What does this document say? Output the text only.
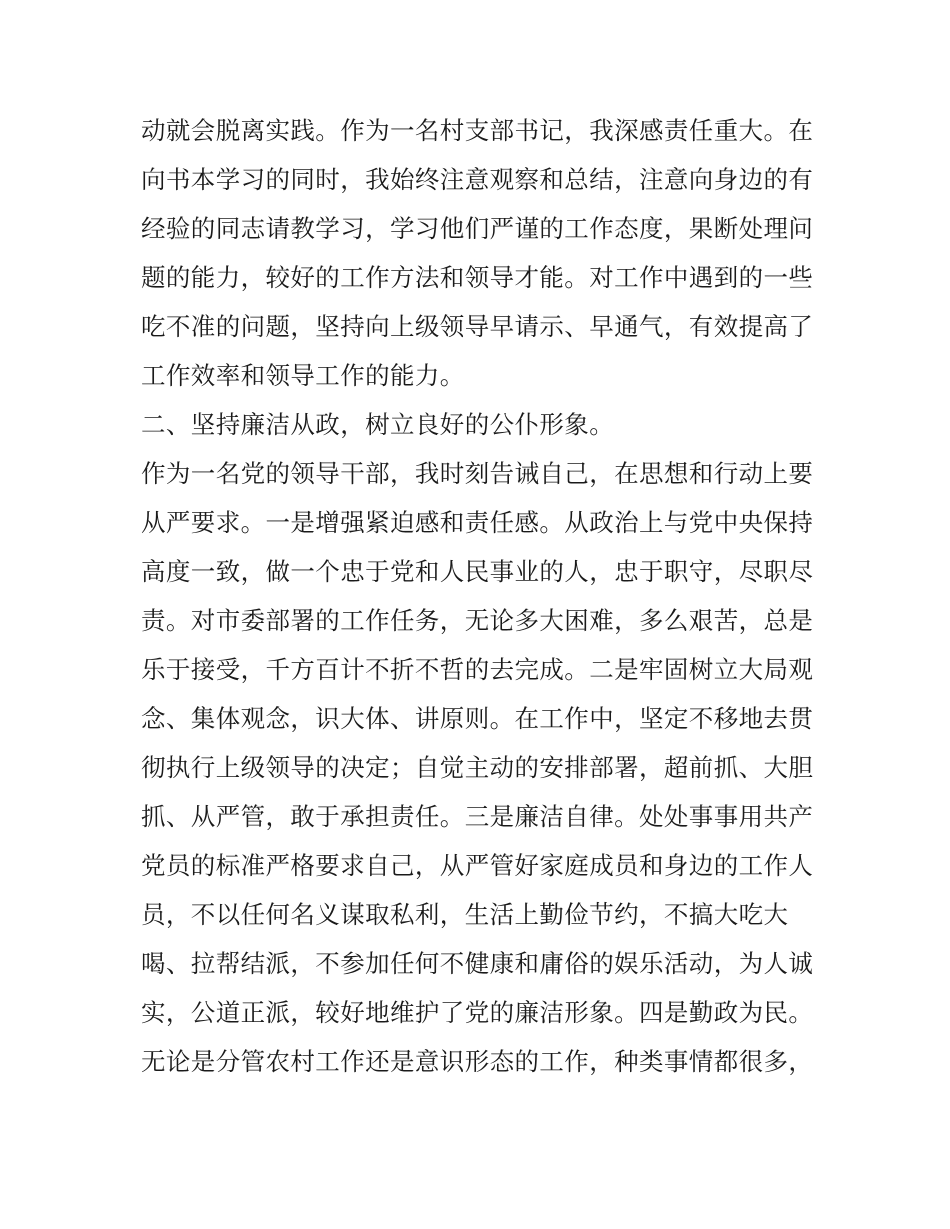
动就会脱离实践。作为一名村支部书记，我深感责任重大。在
向书本学习的同时，我始终注意观察和总结，注意向身边的有
经验的同志请教学习，学习他们严谨的工作态度，果断处理问
题的能力，较好的工作方法和领导才能。对工作中遇到的一些
吃不准的问题，坚持向上级领导早请示、早通气，有效提高了
工作效率和领导工作的能力。
二、坚持廉洁从政，树立良好的公仆形象。
作为一名党的领导干部，我时刻告诫自己，在思想和行动上要
从严要求。一是增强紧迫感和责任感。从政治上与党中央保持
高度一致，做一个忠于党和人民事业的人，忠于职守，尽职尽
责。对市委部署的工作任务，无论多大困难，多么艰苦，总是
乐于接受，千方百计不折不哲的去完成。二是牢固树立大局观
念、集体观念，识大体、讲原则。在工作中，坚定不移地去贯
彻执行上级领导的决定；自觉主动的安排部署，超前抓、大胆
抓、从严管，敢于承担责任。三是廉洁自律。处处事事用共产
党员的标准严格要求自己，从严管好家庭成员和身边的工作人
员，不以任何名义谋取私利，生活上勤俭节约，不搞大吃大
喝、拉帮结派，不参加任何不健康和庸俗的娱乐活动，为人诚
实，公道正派，较好地维护了党的廉洁形象。四是勤政为民。
无论是分管农村工作还是意识形态的工作，种类事情都很多，
